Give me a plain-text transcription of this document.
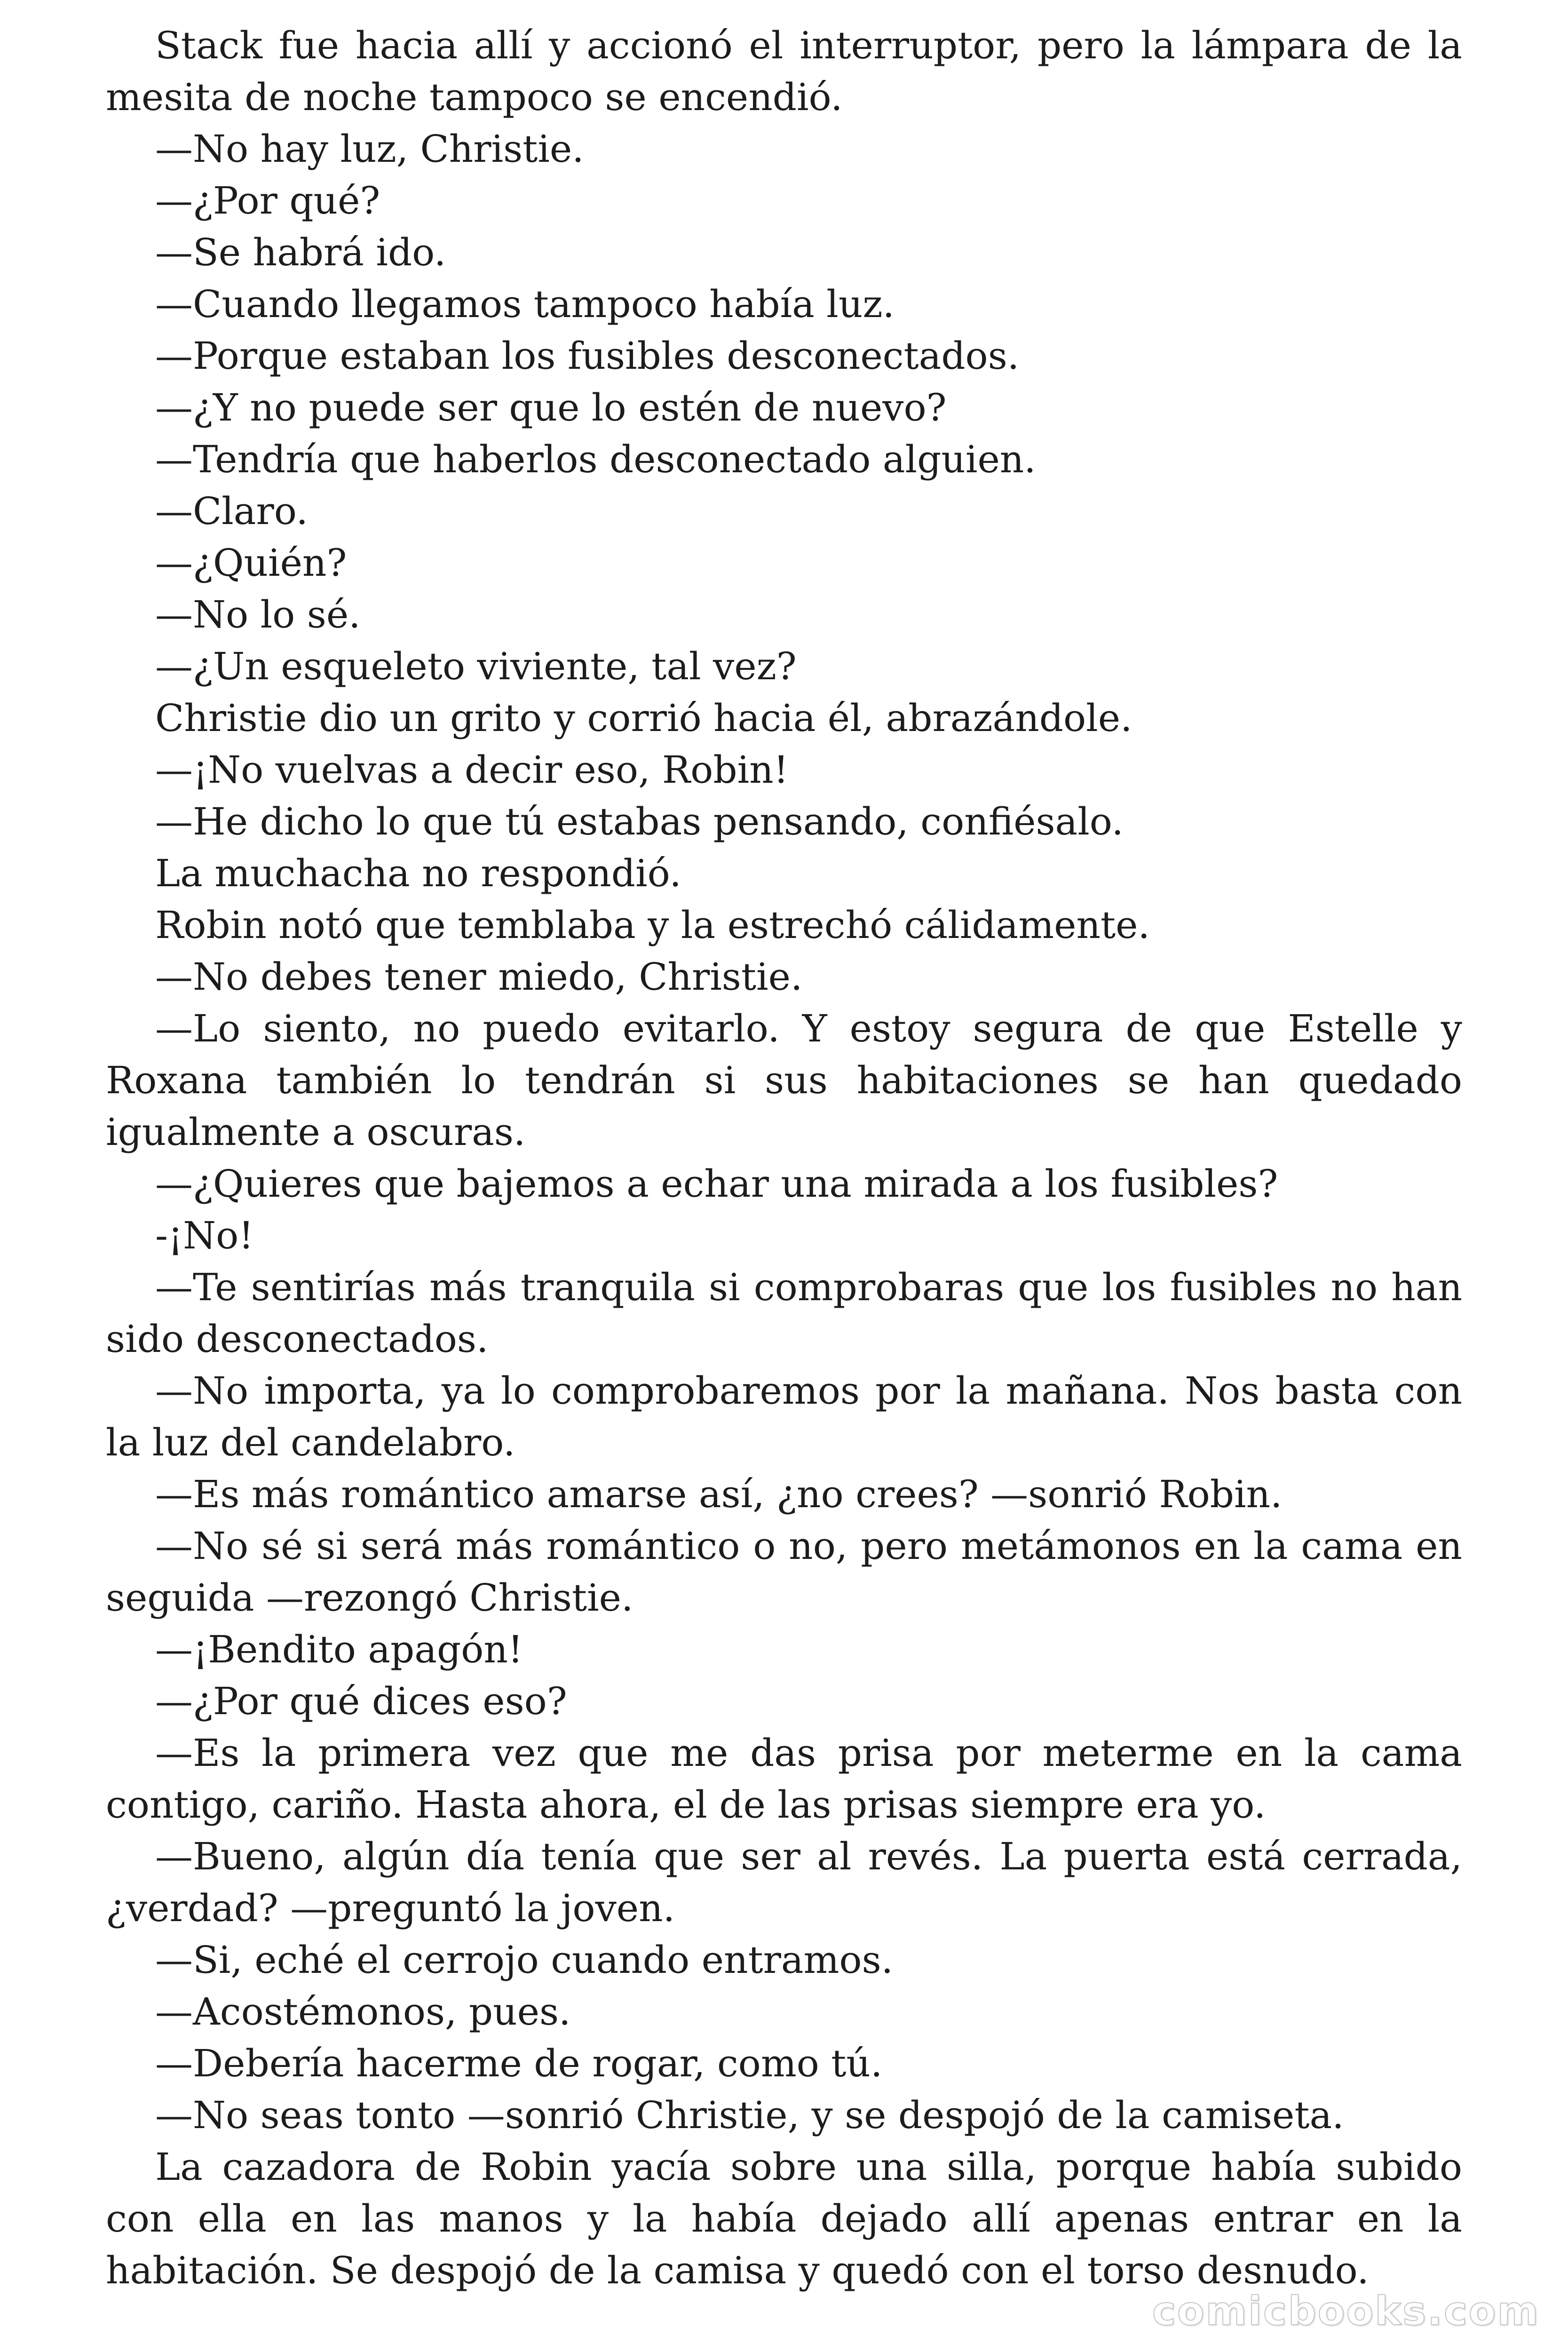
Stack fue hacia allí y accionó el interruptor, pero la lámpara de la mesita de noche tampoco se encendió.

—No hay luz, Christie.

—¿Por qué?

—Se habrá ido.

—Cuando llegamos tampoco había luz.

—Porque estaban los fusibles desconectados.

—¿Y no puede ser que lo estén de nuevo?

—Tendría que haberlos desconectado alguien.

—Claro.

—¿Quién?

—No lo sé.

—¿Un esqueleto viviente, tal vez?

Christie dio un grito y corrió hacia él, abrazándole.

—¡No vuelvas a decir eso, Robin!

—He dicho lo que tú estabas pensando, confiésalo.

La muchacha no respondió.

Robin notó que temblaba y la estrechó cálidamente.

—No debes tener miedo, Christie.

—Lo siento, no puedo evitarlo. Y estoy segura de que Estelle y Roxana también lo tendrán si sus habitaciones se han quedado igualmente a oscuras.

—¿Quieres que bajemos a echar una mirada a los fusibles?

-¡No!

—Te sentirías más tranquila si comprobaras que los fusibles no han sido desconectados.

—No importa, ya lo comprobaremos por la mañana. Nos basta con la luz del candelabro.

—Es más romántico amarse así, ¿no crees? —sonrió Robin.

—No sé si será más romántico o no, pero metámonos en la cama en seguida —rezongó Christie.

—¡Bendito apagón!

—¿Por qué dices eso?

—Es la primera vez que me das prisa por meterme en la cama contigo, cariño. Hasta ahora, el de las prisas siempre era yo.

—Bueno, algún día tenía que ser al revés. La puerta está cerrada, ¿verdad? —preguntó la joven.

—Si, eché el cerrojo cuando entramos.

—Acostémonos, pues.

—Debería hacerme de rogar, como tú.

—No seas tonto —sonrió Christie, y se despojó de la camiseta.

La cazadora de Robin yacía sobre una silla, porque había subido con ella en las manos y la había dejado allí apenas entrar en la habitación. Se despojó de la camisa y quedó con el torso desnudo.

comicbooks.com
